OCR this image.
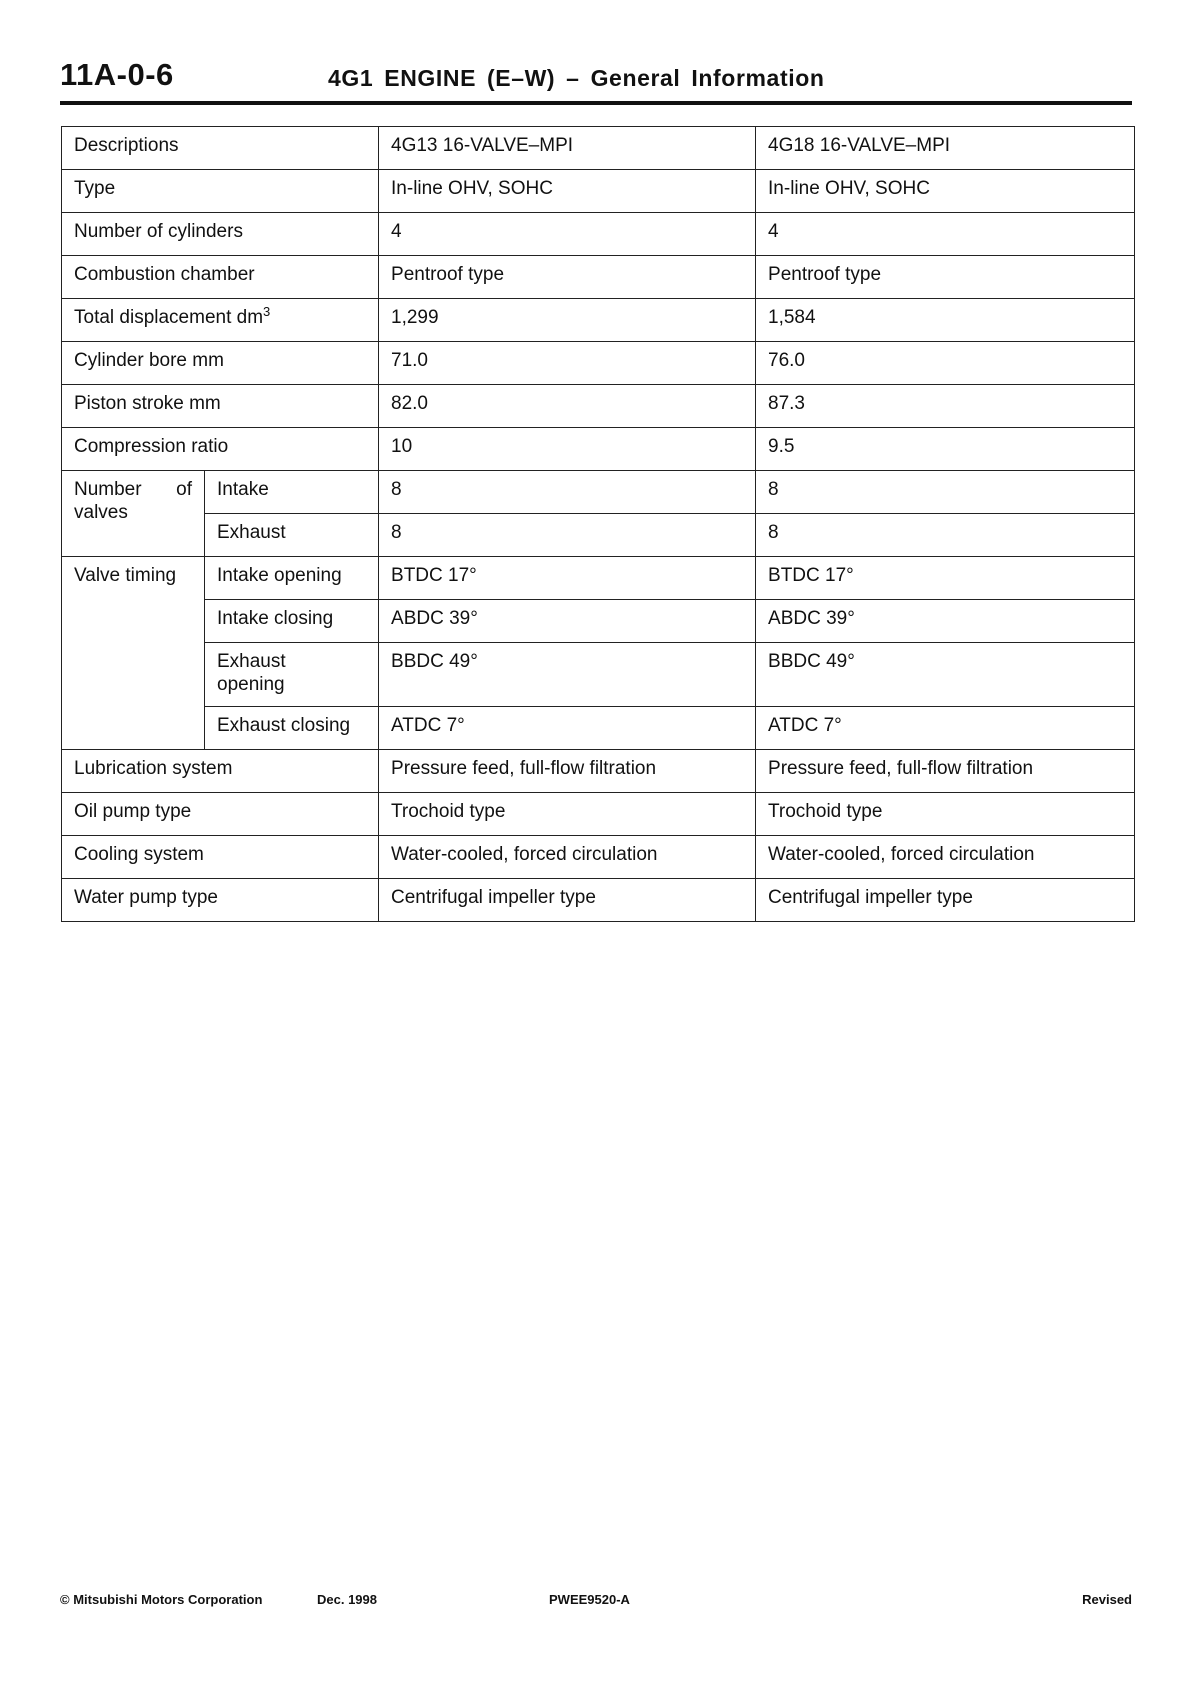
11A-0-6	4G1 ENGINE (E–W) – General Information
Descriptions		4G13 16-VALVE–MPI	4G18 16-VALVE–MPI
Type		In-line OHV, SOHC	In-line OHV, SOHC
Number of cylinders		4	4
Combustion chamber		Pentroof type	Pentroof type
Total displacement $dm^3$		1,299	1,584
Cylinder bore mm		71.0	76.0
Piston stroke mm		82.0	87.3
Compression ratio		10	9.5

Number of
valves	Intake	8	8
	Exhaust	8	8
Valve timing	Intake opening	BTDC 17°	BTDC 17°
	Intake closing	ABDC 39°	ABDC 39°

	Exhaust
opening	BBDC 49°	BBDC 49°
	Exhaust closing	ATDC 7°	ATDC 7°
Lubrication system		Pressure feed, full-flow filtration	Pressure feed, full-flow filtration
Oil pump type		Trochoid type	Trochoid type
Cooling system		Water-cooled, forced circulation	Water-cooled, forced circulation
Water pump type		Centrifugal impeller type	Centrifugal impeller type
© Mitsubishi Motors Corporation	Dec. 1998	PWEE9520-A	Revised
